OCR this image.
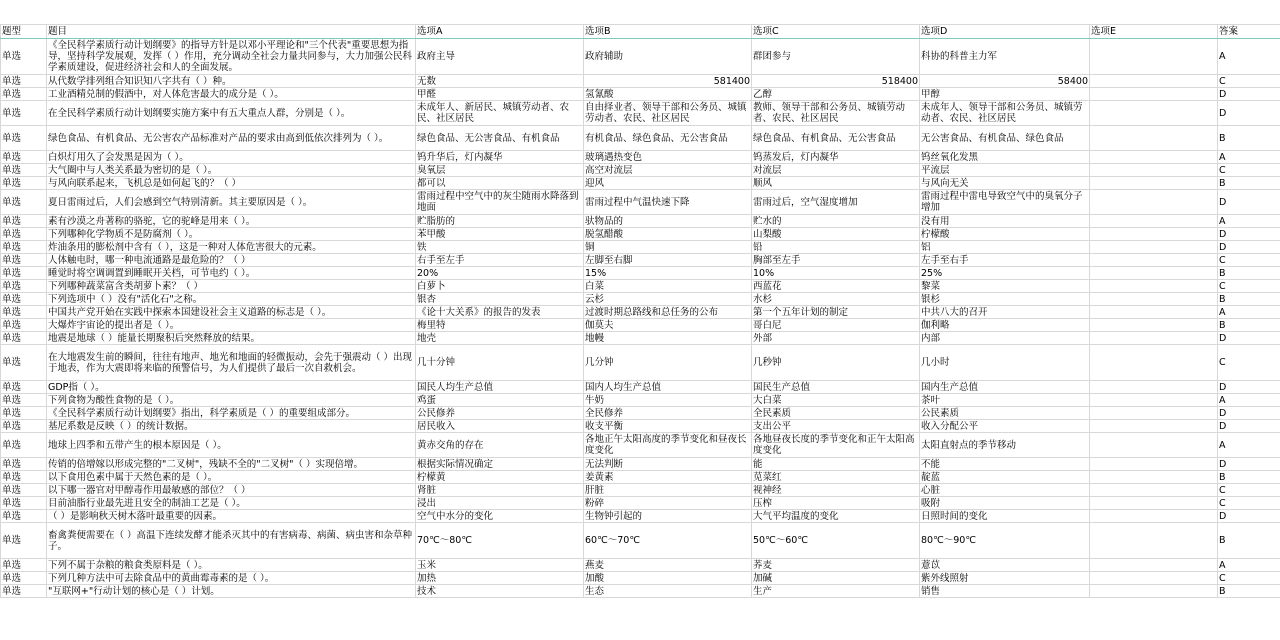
题型	题目	选项A	选项B	选项C	选项D	选项E	答案
单选	《全民科学素质行动计划纲要》的指导方针是以邓小平理论和"三个代表"重要思想为指导，坚持科学发展观，发挥（ ）作用，充分调动全社会力量共同参与，大力加强公民科学素质建设，促进经济社会和人的全面发展。	政府主导	政府辅助	群团参与	科协的科普主力军		A
单选	从代数学排列组合知识知八字共有（ ）种。	无数	581400	518400	58400		C
单选	工业酒精兑制的假酒中，对人体危害最大的成分是（ ）。	甲醛	氢氰酸	乙醇	甲醇		D
单选	在全民科学素质行动计划纲要实施方案中有五大重点人群，分别是（ ）。	未成年人、新居民、城镇劳动者、农民、社区居民	自由择业者、领导干部和公务员、城镇劳动者、农民、社区居民	教师、领导干部和公务员、城镇劳动者、农民、社区居民	未成年人、领导干部和公务员、城镇劳动者、农民、社区居民		D
单选	绿色食品、有机食品、无公害农产品标准对产品的要求由高到低依次排列为（ ）。	绿色食品、无公害食品、有机食品	有机食品、绿色食品、无公害食品	绿色食品、有机食品、无公害食品	无公害食品、有机食品、绿色食品		B
单选	白炽灯用久了会发黑是因为（ ）。	钨升华后，灯内凝华	玻璃遇热变色	钨蒸发后，灯内凝华	钨丝氧化发黑		A
单选	大气圈中与人类关系最为密切的是（ ）。	臭氧层	高空对流层	对流层	平流层		C
单选	与风向联系起来，飞机总是如何起飞的？（ ）	都可以	迎风	顺风	与风向无关		B
单选	夏日雷雨过后，人们会感到空气特别清新。其主要原因是（ ）。	雷雨过程中空气中的灰尘随雨水降落到地面	雷雨过程中气温快速下降	雷雨过后，空气湿度增加	雷雨过程中雷电导致空气中的臭氧分子增加		D
单选	素有沙漠之舟著称的骆驼，它的驼峰是用来（ ）。	贮脂肪的	驮物品的	贮水的	没有用		A
单选	下列哪种化学物质不是防腐剂（ ）。	苯甲酸	脱氢醋酸	山梨酸	柠檬酸		D
单选	炸油条用的膨松剂中含有（ ），这是一种对人体危害很大的元素。	铁	铜	铅	铝		D
单选	人体触电时，哪一种电流通路是最危险的？（ ）	右手至左手	左脚至右脚	胸部至左手	左手至右手		C
单选	睡觉时将空调调置到睡眠开关档，可节电约（ ）。	20%	15%	10%	25%		B
单选	下列哪种蔬菜富含类胡萝卜素？（ ）	白萝卜	白菜	西蓝花	黎菜		C
单选	下列选项中（ ）没有"活化石"之称。	银杏	云杉	水杉	银杉		B
单选	中国共产党开始在实践中探索本国建设社会主义道路的标志是（ ）。	《论十大关系》的报告的发表	过渡时期总路线和总任务的公布	第一个五年计划的制定	中共八大的召开		A
单选	大爆炸宇宙论的提出者是（ ）。	梅里特	伽莫夫	哥白尼	伽利略		B
单选	地震是地球（ ）能量长期聚积后突然释放的结果。	地壳	地幔	外部	内部		D
单选	在大地震发生前的瞬间，往往有地声、地光和地面的轻微振动，会先于强震动（ ）出现于地表，作为大震即将来临的预警信号，为人们提供了最后一次自救机会。	几十分钟	几分钟	几秒钟	几小时		C
单选	GDP指（ ）。	国民人均生产总值	国内人均生产总值	国民生产总值	国内生产总值		D
单选	下列食物为酸性食物的是（ ）。	鸡蛋	牛奶	大白菜	茶叶		A
单选	《全民科学素质行动计划纲要》指出，科学素质是（ ）的重要组成部分。	公民修养	全民修养	全民素质	公民素质		D
单选	基尼系数是反映（ ）的统计数据。	居民收入	收支平衡	支出公平	收入分配公平		D
单选	地球上四季和五带产生的根本原因是（ ）。	黄赤交角的存在	各地正午太阳高度的季节变化和昼夜长度变化	各地昼夜长度的季节变化和正午太阳高度变化	太阳直射点的季节移动		A
单选	传销的倍增嫁以形成完整的"二叉树"，残缺不全的"二叉树"（ ）实现倍增。	根据实际情况确定	无法判断	能	不能		D
单选	以下食用色素中属于天然色素的是（ ）。	柠檬黄	姜黄素	苋菜红	靛蓝		B
单选	以下哪一器官对甲醇毒作用最敏感的部位？（ ）	肾脏	肝脏	视神经	心脏		C
单选	目前油脂行业最先进且安全的制油工艺是（ ）。	浸出	粉碎	压榨	吸附		C
单选	（ ）是影响秋天树木落叶最重要的因素。	空气中水分的变化	生物钟引起的	大气平均温度的变化	日照时间的变化		D
单选	畜禽粪便需要在（ ）高温下连续发酵才能杀灭其中的有害病毒、病菌、病虫害和杂草种子。	70℃～80℃	60℃～70℃	50℃～60℃	80℃～90℃		B
单选	下列不属于杂粮的粮食类原料是（ ）。	玉米	燕麦	荞麦	薏苡		A
单选	下列几种方法中可去除食品中的黄曲霉毒素的是（ ）。	加热	加酸	加碱	紫外线照射		C
单选	"互联网+"行动计划的核心是（ ）计划。	技术	生态	生产	销售		B
